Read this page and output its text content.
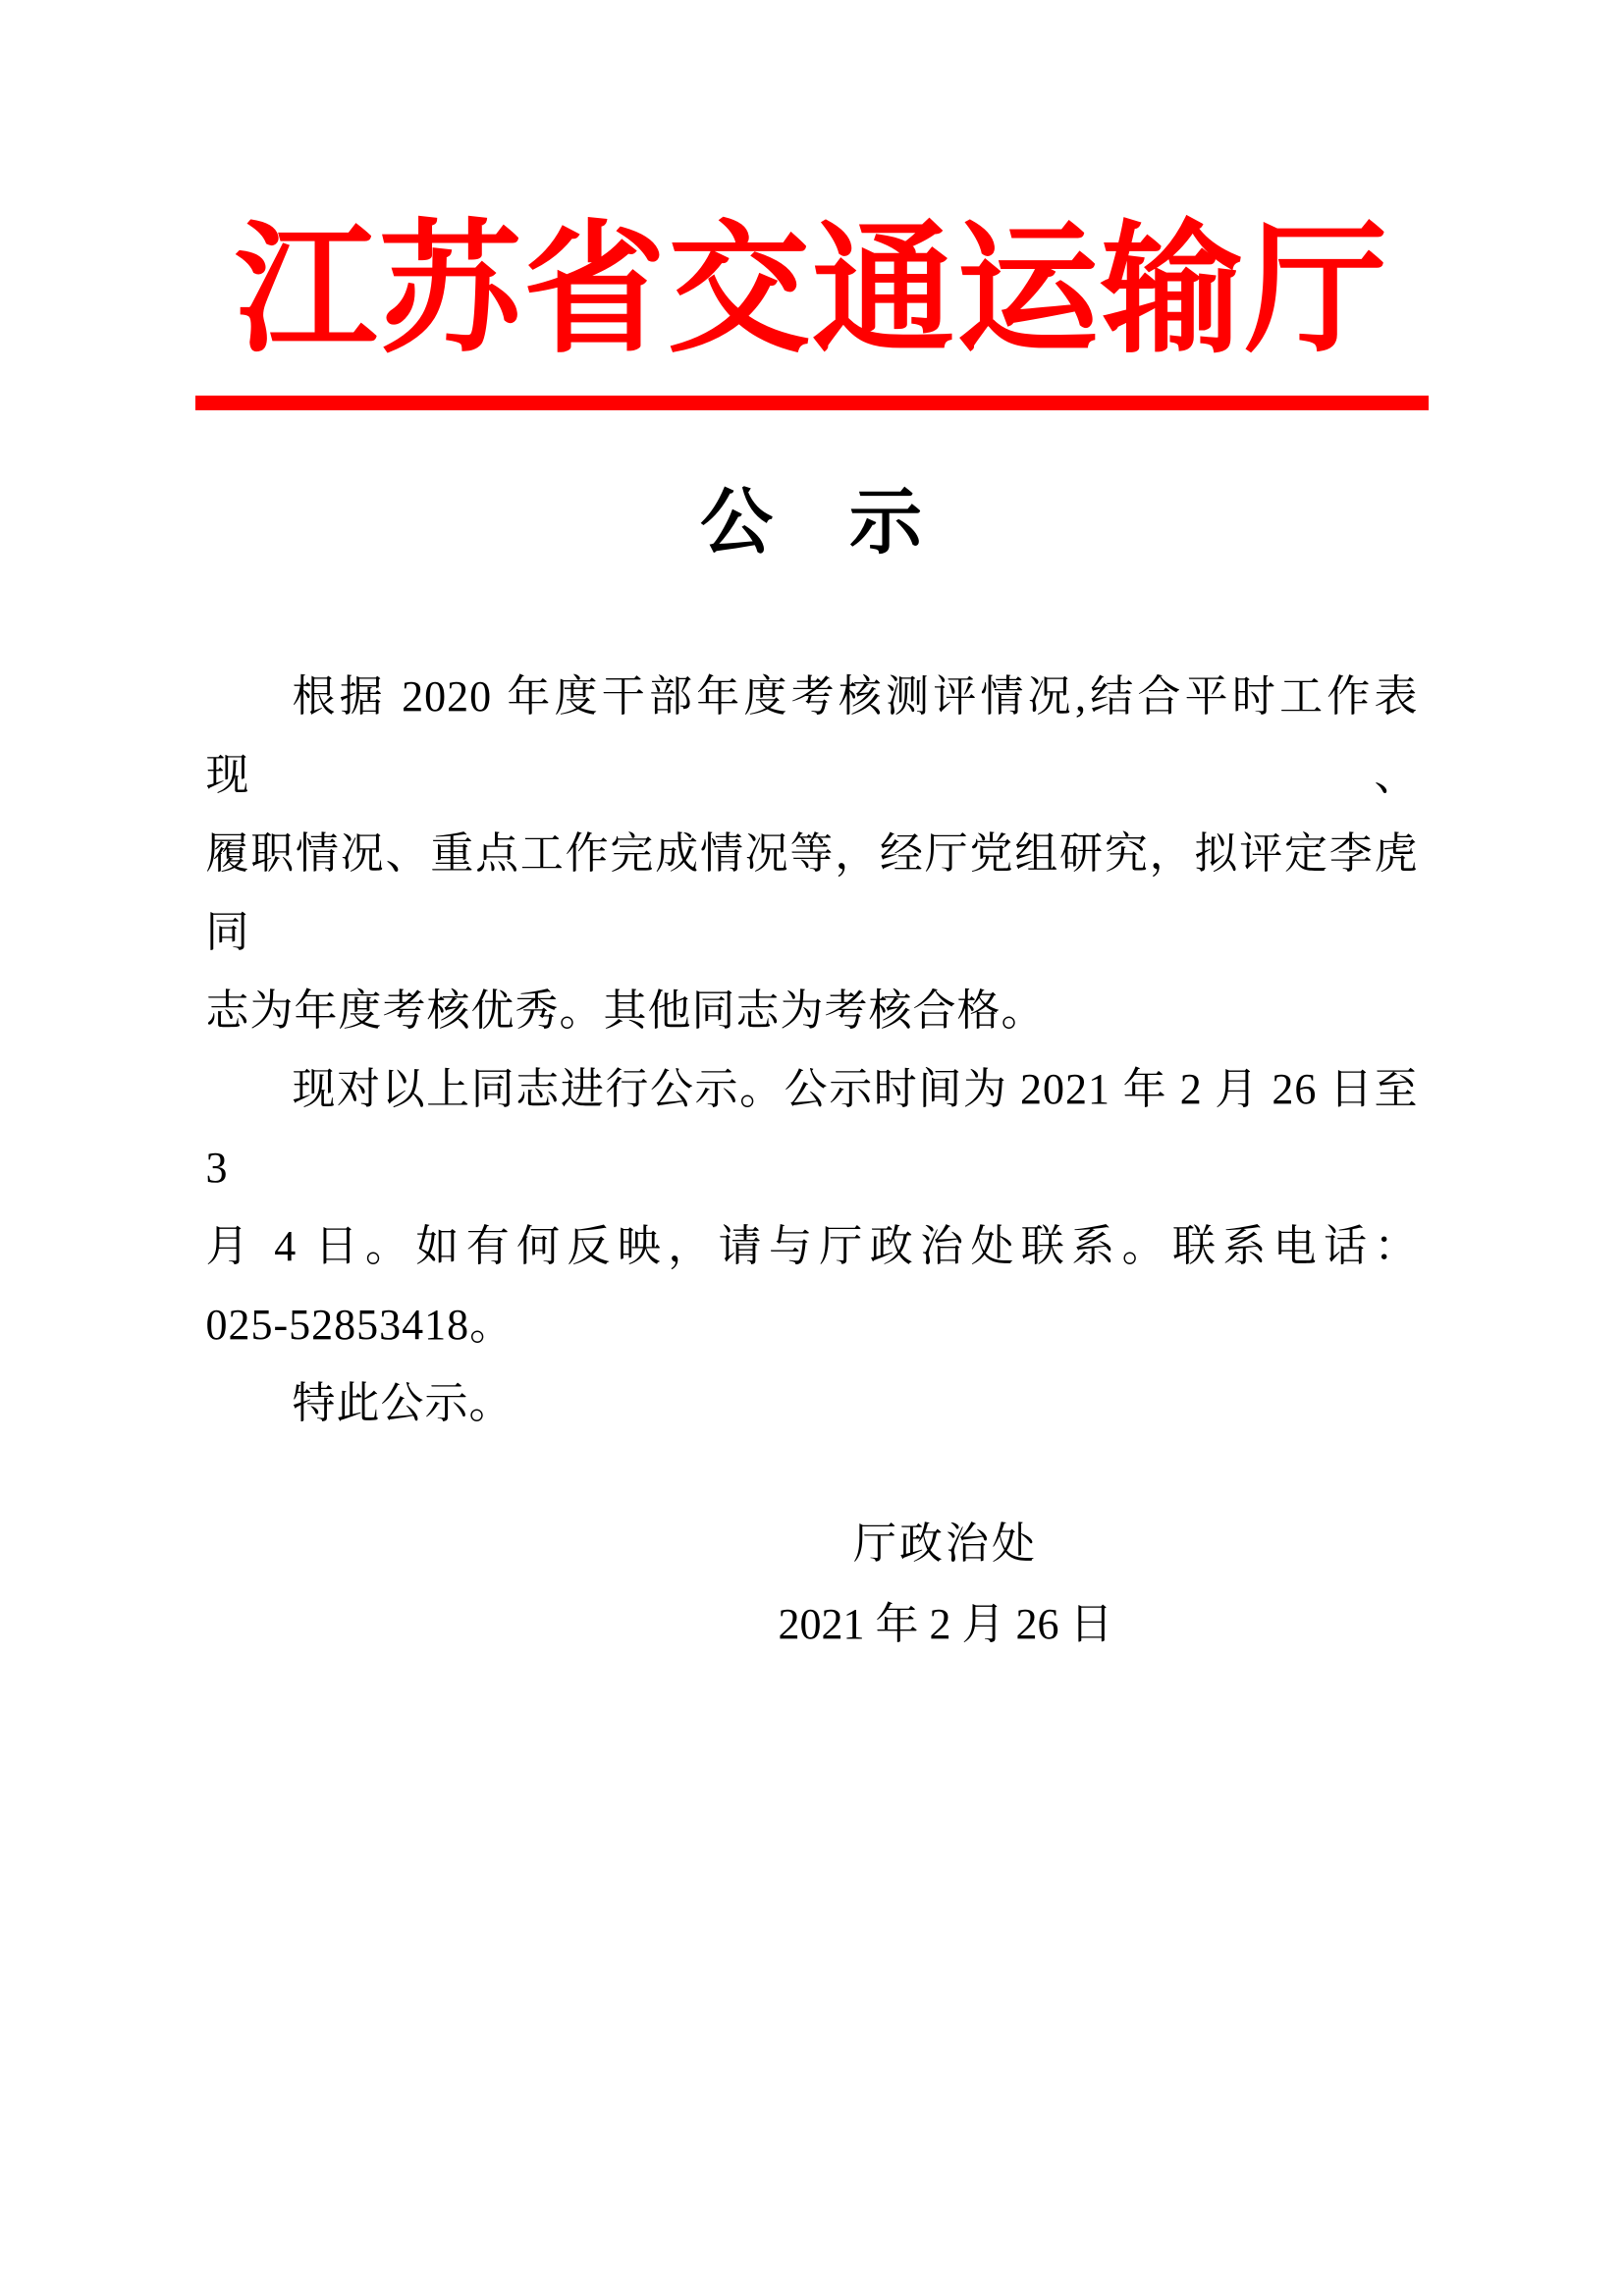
江苏省交通运输厅
公　示

根据 2020 年度干部年度考核测评情况,结合平时工作表现、

履职情况、重点工作完成情况等，经厅党组研究，拟评定李虎同

志为年度考核优秀。其他同志为考核合格。

现对以上同志进行公示。公示时间为 2021 年 2 月 26 日至 3

月 4 日。如有何反映，请与厅政治处联系。联系电话：

025-52853418。

特此公示。

厅政治处

2021 年 2 月 26 日
